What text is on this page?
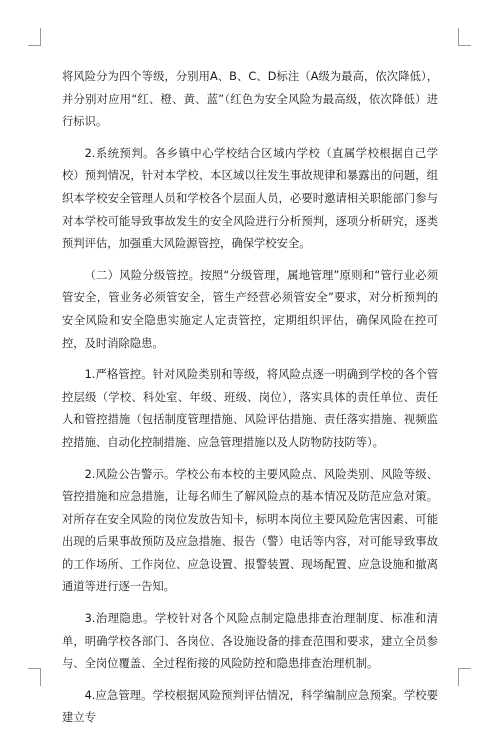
将风险分为四个等级，分别用A、B、C、D标注（A级为最高，依次降低），并分别对应用“红、橙、黄、蓝”（红色为安全风险为最高级，依次降低）进行标识。

2.系统预判。各乡镇中心学校结合区域内学校（直属学校根据自己学校）预判情况，针对本学校、本区域以往发生事故规律和暴露出的问题，组织本学校安全管理人员和学校各个层面人员，必要时邀请相关职能部门参与对本学校可能导致事故发生的安全风险进行分析预判，逐项分析研究，逐类预判评估，加强重大风险源管控，确保学校安全。

（二）风险分级管控。按照“分级管理，属地管理”原则和“管行业必须管安全，管业务必须管安全，管生产经营必须管安全”要求，对分析预判的安全风险和安全隐患实施定人定责管控，定期组织评估，确保风险在控可控，及时消除隐患。

1.严格管控。针对风险类别和等级，将风险点逐一明确到学校的各个管控层级（学校、科处室、年级、班级、岗位），落实具体的责任单位、责任人和管控措施（包括制度管理措施、风险评估措施、责任落实措施、视频监控措施、自动化控制措施、应急管理措施以及人防物防技防等）。

2.风险公告警示。学校公布本校的主要风险点、风险类别、风险等级、管控措施和应急措施，让每名师生了解风险点的基本情况及防范应急对策。对所存在安全风险的岗位发放告知卡，标明本岗位主要风险危害因素、可能出现的后果事故预防及应急措施、报告（警）电话等内容，对可能导致事故的工作场所、工作岗位、应急设置、报警装置、现场配置、应急设施和撤离通道等进行逐一告知。

3.治理隐患。学校针对各个风险点制定隐患排查治理制度、标准和清单，明确学校各部门、各岗位、各设施设备的排查范围和要求，建立全员参与、全岗位覆盖、全过程衔接的风险防控和隐患排查治理机制。

4.应急管理。学校根据风险预判评估情况，科学编制应急预案。学校要建立专
